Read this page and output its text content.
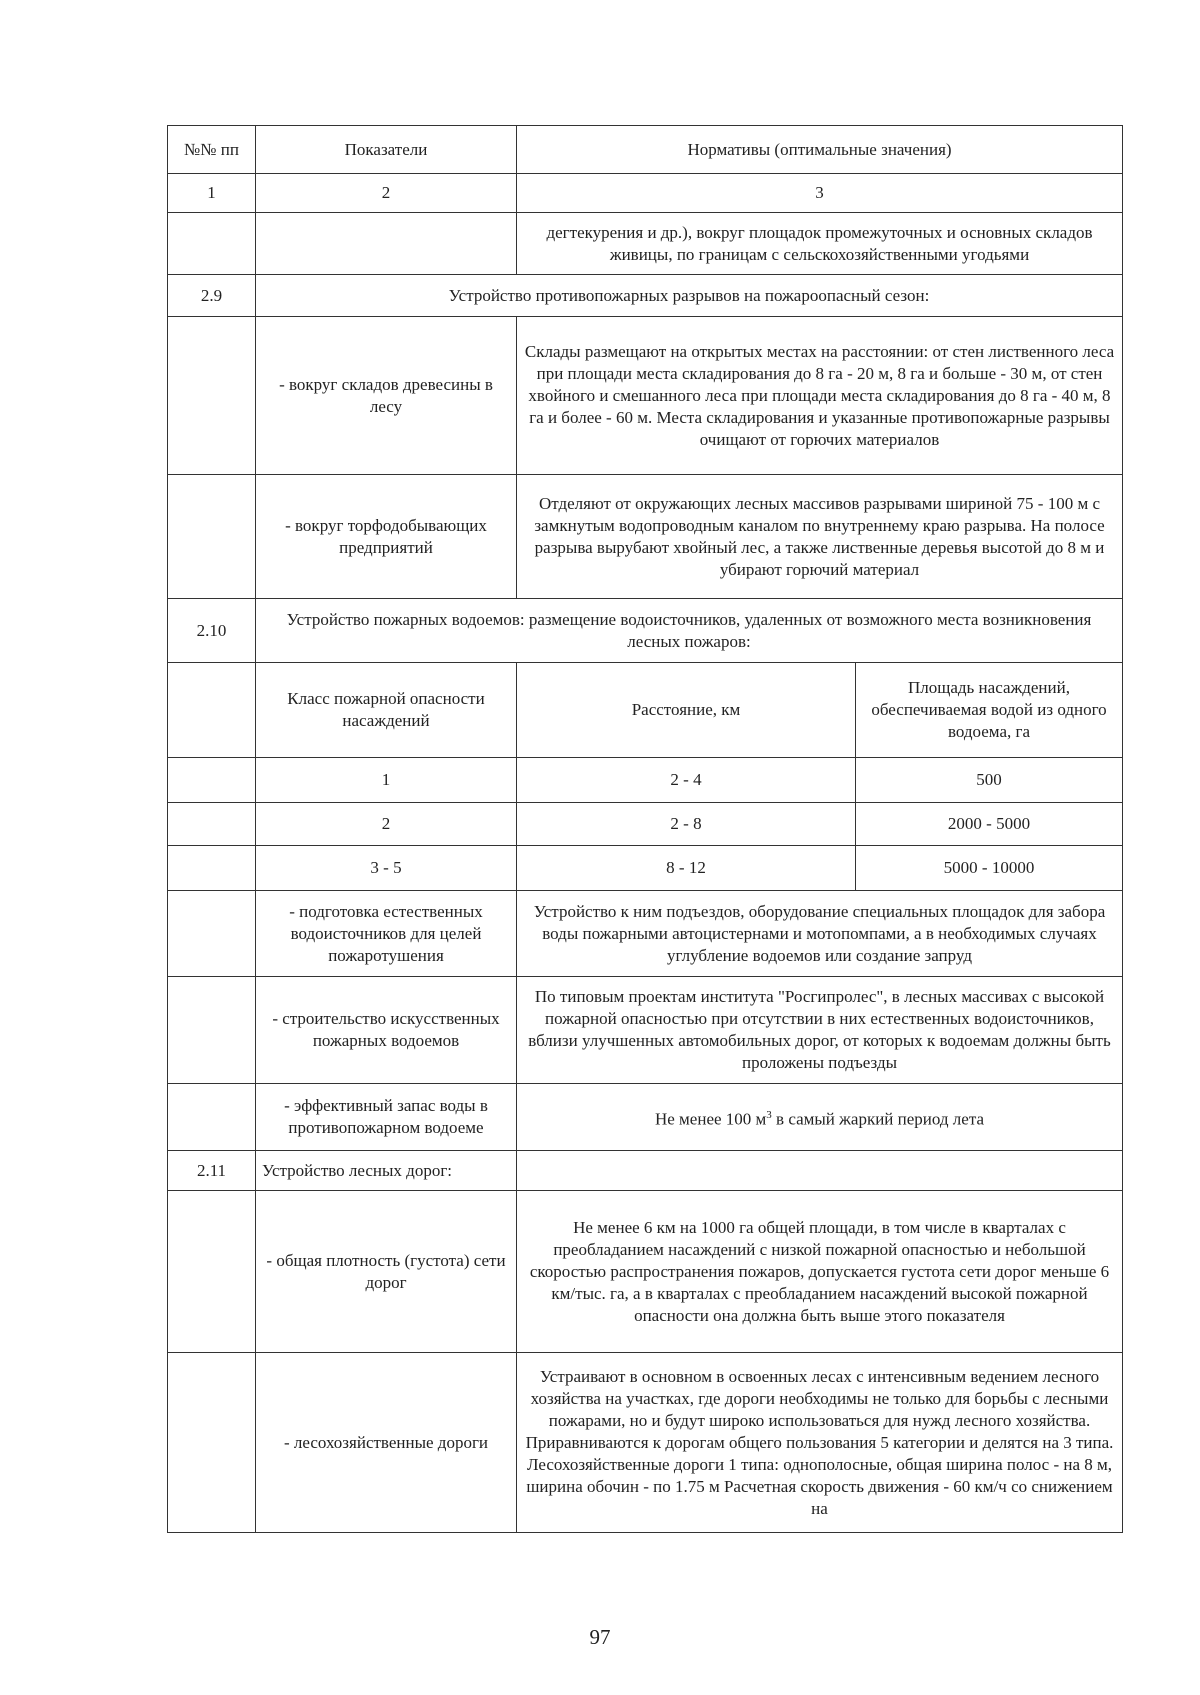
№№ пп	Показатели	Нормативы (оптимальные значения)	
1	2	3	
		дегтекурения и др.), вокруг площадок промежуточных и основных складов живицы, по границам с сельскохозяйственными угодьями	
2.9	Устройство противопожарных разрывов на пожароопасный сезон:		
	- вокруг складов древесины в лесу	Склады размещают на открытых местах на расстоянии: от стен лиственного леса при площади места складирования до 8 га - 20 м, 8 га и больше - 30 м, от стен хвойного и смешанного леса при площади места складирования до 8 га - 40 м, 8 га и более - 60 м. Места складирования и указанные противопожарные разрывы очищают от горючих материалов	
	- вокруг торфодобывающих предприятий	Отделяют от окружающих лесных массивов разрывами шириной 75 - 100 м с замкнутым водопроводным каналом по внутреннему краю разрыва. На полосе разрыва вырубают хвойный лес, а также лиственные деревья высотой до 8 м и убирают горючий материал	
2.10	Устройство пожарных водоемов: размещение водоисточников, удаленных от возможного места возникновения лесных пожаров:		
	Класс пожарной опасности насаждений	Расстояние, км	Площадь насаждений, обеспечиваемая водой из одного водоема, га
	1	2 - 4	500
	2	2 - 8	2000 - 5000
	3 - 5	8 - 12	5000 - 10000
	- подготовка естественных водоисточников для целей пожаротушения	Устройство к ним подъездов, оборудование специальных площадок для забора воды пожарными автоцистернами и мотопомпами, а в необходимых случаях углубление водоемов или создание запруд	
	- строительство искусственных пожарных водоемов	По типовым проектам института "Росгипролес", в лесных массивах с высокой пожарной опасностью при отсутствии в них естественных водоисточников, вблизи улучшенных автомобильных дорог, от которых к водоемам должны быть проложены подъезды	
	- эффективный запас воды в противопожарном водоеме	Не менее 100 $м^3$ в самый жаркий период лета	
2.11	Устройство лесных дорог:		
	- общая плотность (густота) сети дорог	Не менее 6 км на 1000 га общей площади, в том числе в кварталах с преобладанием насаждений с низкой пожарной опасностью и небольшой скоростью распространения пожаров, допускается густота сети дорог меньше 6 км/тыс. га, а в кварталах с преобладанием насаждений высокой пожарной опасности она должна быть выше этого показателя	
	- лесохозяйственные дороги	Устраивают в основном в освоенных лесах с интенсивным ведением лесного хозяйства на участках, где дороги необходимы не только для борьбы с лесными пожарами, но и будут широко использоваться для нужд лесного хозяйства. Приравниваются к дорогам общего пользования 5 категории и делятся на 3 типа. Лесохозяйственные дороги 1 типа: однополосные, общая ширина полос - на 8 м, ширина обочин - по 1.75 м Расчетная скорость движения - 60 км/ч со снижением на	
97
